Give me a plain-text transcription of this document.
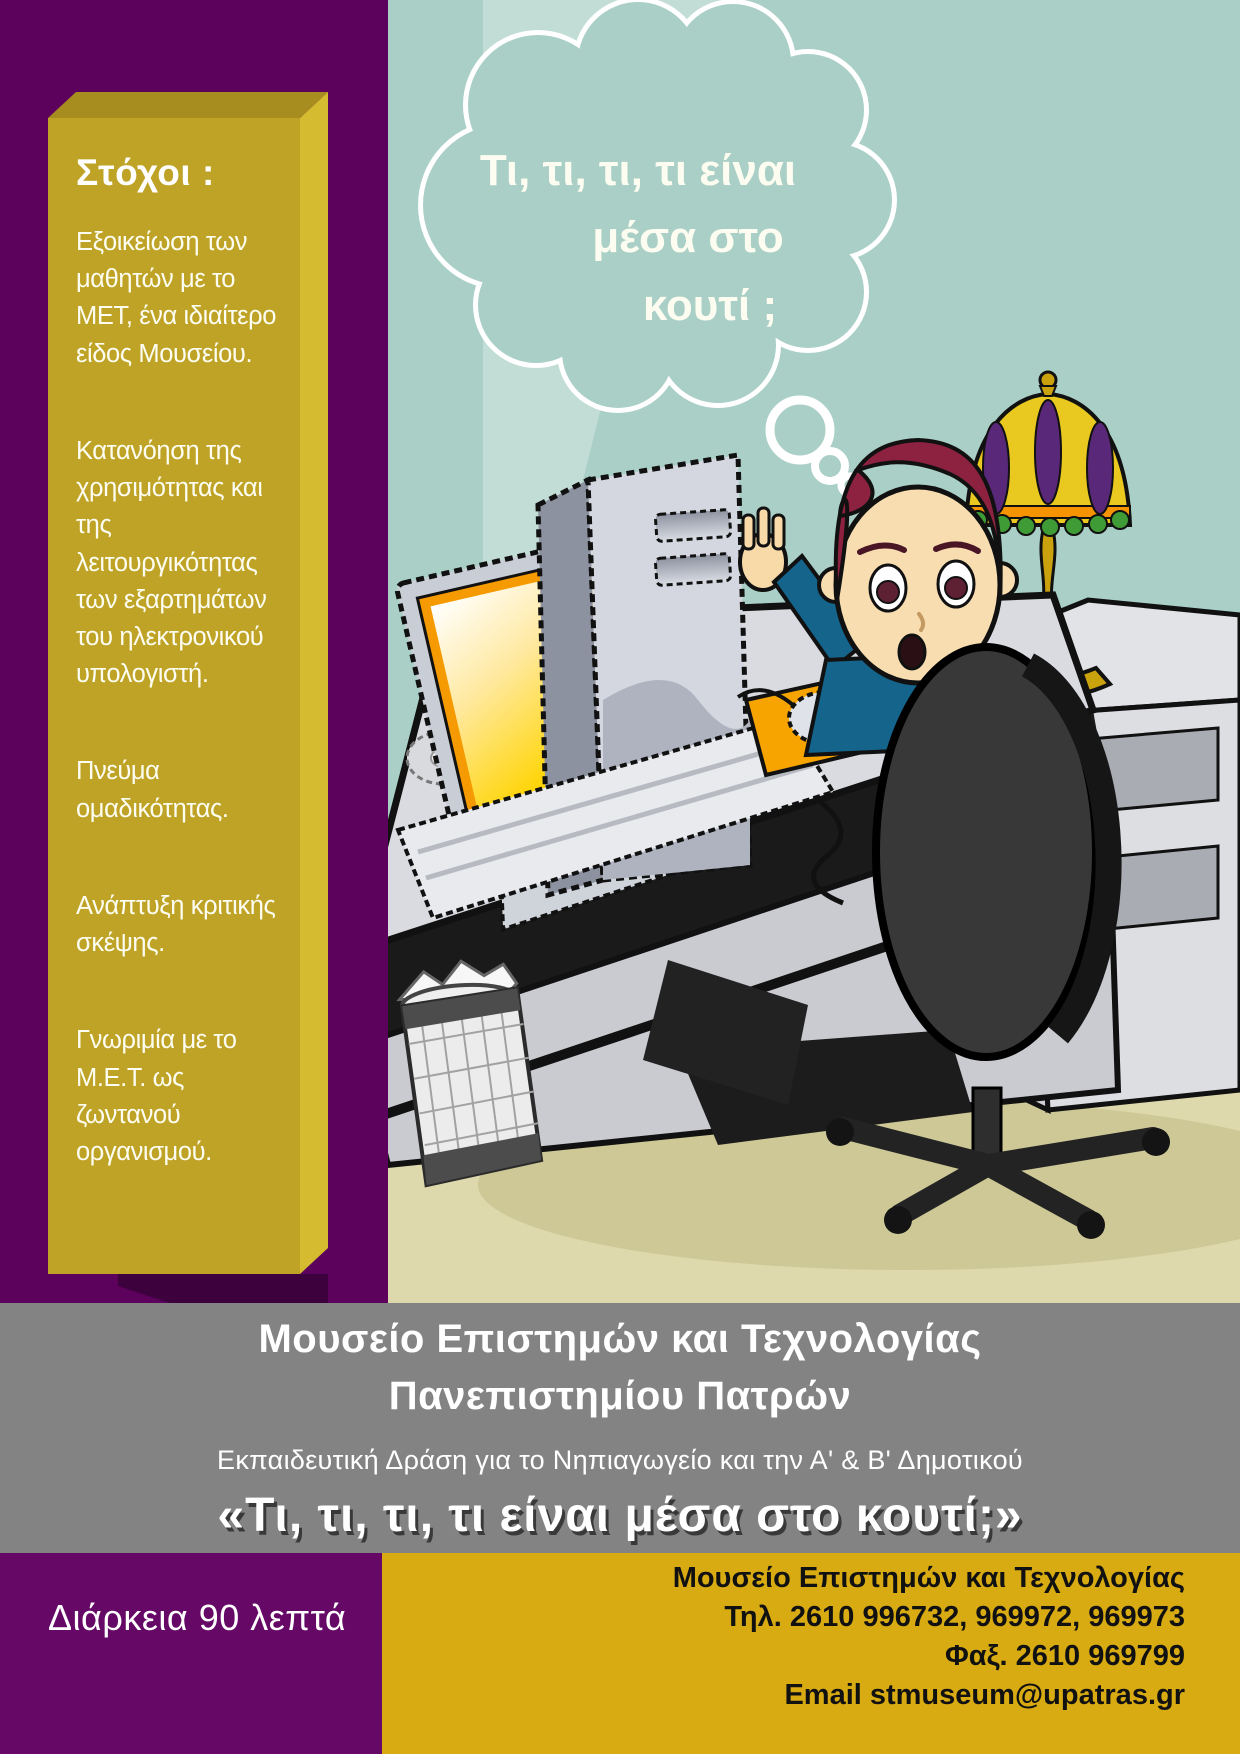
Στόχοι :

Εξοικείωση των μαθητών με το ΜΕΤ, ένα ιδιαίτερο είδος Μουσείου.

Κατανόηση της χρησιμότητας και της λειτουργικότητας των εξαρτημάτων του ηλεκτρονικού υπολογιστή.

Πνεύμα ομαδικότητας.

Ανάπτυξη κριτικής σκέψης.

Γνωριμία με το Μ.Ε.Τ. ως ζωντανού οργανισμού.

Τι, τι, τι, τι είναι
μέσα στο
κουτί ;

Μουσείο Επιστημών και Τεχνολογίας

Πανεπιστημίου Πατρών

Εκπαιδευτική Δράση για το Νηπιαγωγείο και την Α' & Β' Δημοτικού

«Τι, τι, τι, τι είναι μέσα στο κουτί;»

Διάρκεια 90 λεπτά
Μουσείο Επιστημών και Τεχνολογίας
Τηλ. 2610 996732, 969972, 969973
Φαξ. 2610 969799
Email stmuseum@upatras.gr
